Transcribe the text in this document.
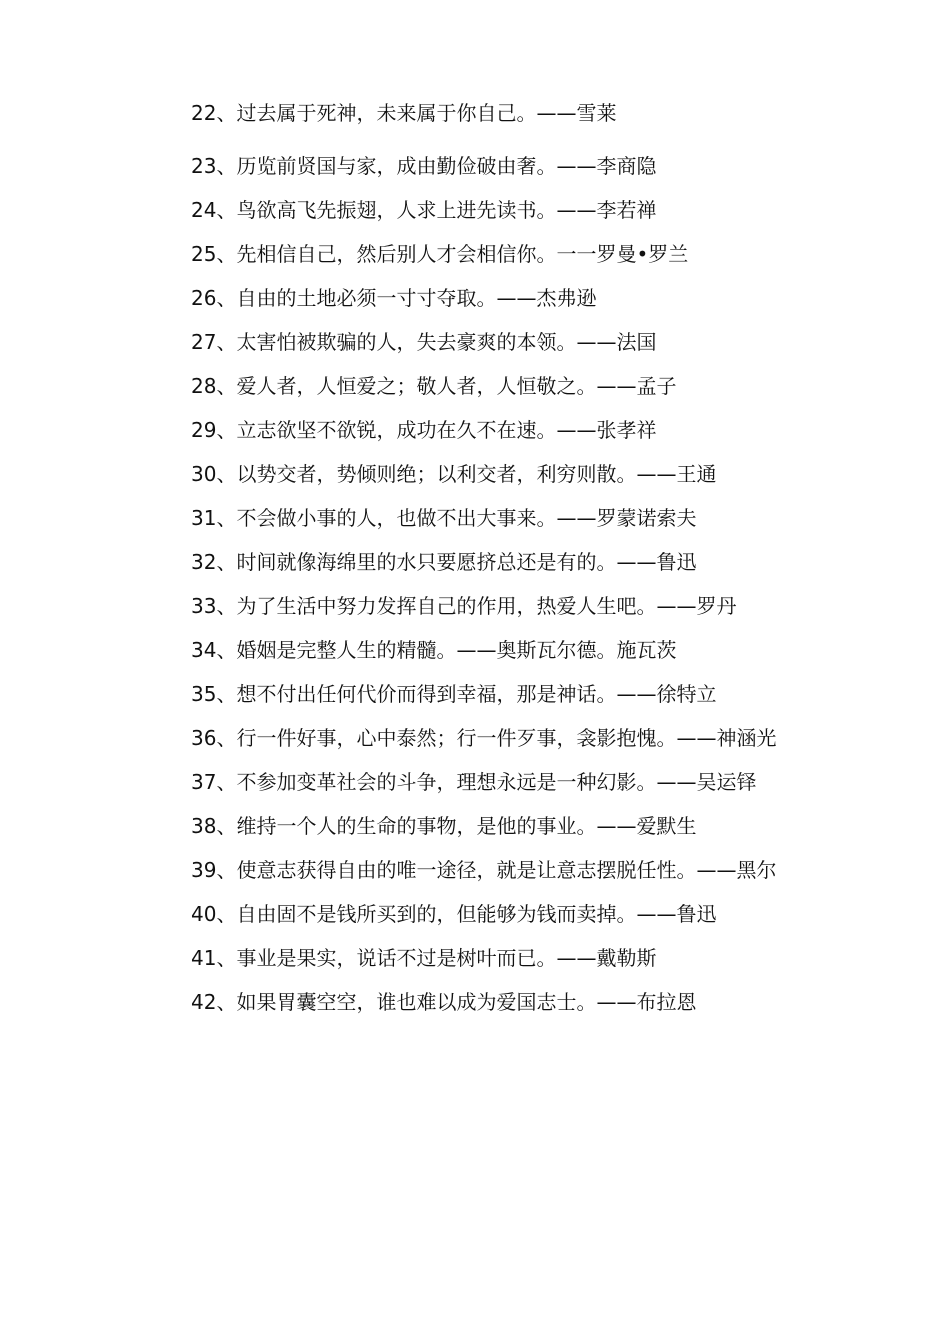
22、过去属于死神，未来属于你自己。——雪莱

23、历览前贤国与家，成由勤俭破由奢。——李商隐

24、鸟欲高飞先振翅，人求上进先读书。——李若禅

25、先相信自己，然后别人才会相信你。一一罗曼•罗兰

26、自由的土地必须一寸寸夺取。——杰弗逊

27、太害怕被欺骗的人，失去豪爽的本领。——法国

28、爱人者，人恒爱之；敬人者，人恒敬之。——孟子

29、立志欲坚不欲锐，成功在久不在速。——张孝祥

30、以势交者，势倾则绝；以利交者，利穷则散。——王通

31、不会做小事的人，也做不出大事来。——罗蒙诺索夫

32、时间就像海绵里的水只要愿挤总还是有的。——鲁迅

33、为了生活中努力发挥自己的作用，热爱人生吧。——罗丹

34、婚姻是完整人生的精髓。——奥斯瓦尔德。施瓦茨

35、想不付出任何代价而得到幸福，那是神话。——徐特立

36、行一件好事，心中泰然；行一件歹事，衾影抱愧。——神涵光

37、不参加变革社会的斗争，理想永远是一种幻影。——吴运铎

38、维持一个人的生命的事物，是他的事业。——爱默生

39、使意志获得自由的唯一途径，就是让意志摆脱任性。——黑尔

40、自由固不是钱所买到的，但能够为钱而卖掉。——鲁迅

41、事业是果实，说话不过是树叶而已。——戴勒斯

42、如果胃囊空空，谁也难以成为爱国志士。——布拉恩
